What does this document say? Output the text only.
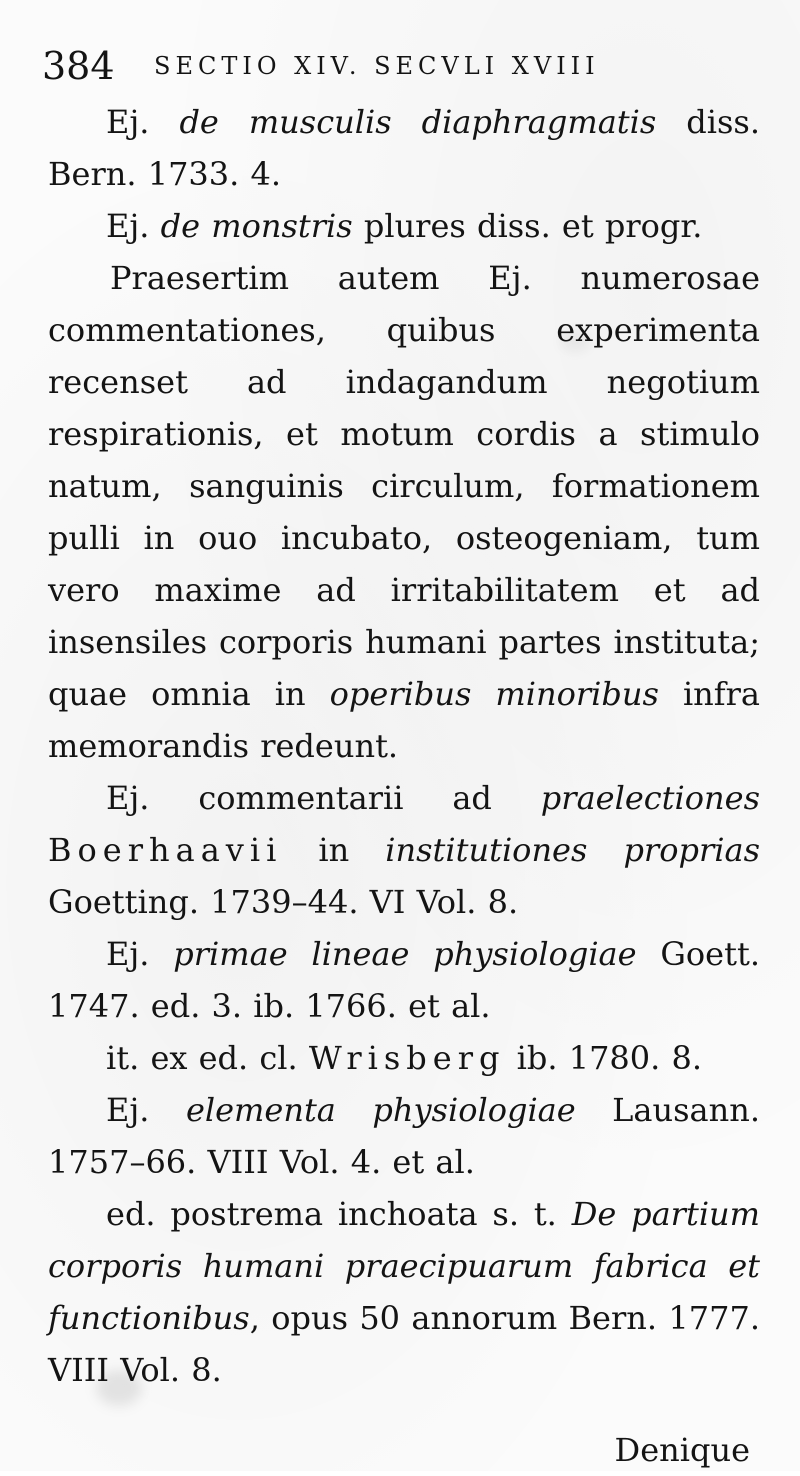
384 SECTIO XIV. SECVLI XVIII

Ej. de musculis diaphragmatis diss. Bern. 1733. 4.

Ej. de monstris plures diss. et progr.

Praesertim autem Ej. numerosae commentationes, quibus experimenta recenset ad indagandum negotium respirationis, et motum cordis a stimulo natum, sanguinis circulum, formationem pulli in ouo incubato, osteogeniam, tum vero maxime ad irritabilitatem et ad insensiles corporis humani partes instituta; quae omnia in operibus minoribus infra memorandis redeunt.

Ej. commentarii ad praelectiones Boerhaavii in institutiones proprias Goetting. 1739–44. VI Vol. 8.

Ej. primae lineae physiologiae Goett. 1747. ed. 3. ib. 1766. et al.

it. ex ed. cl. Wrisberg ib. 1780. 8.

Ej. elementa physiologiae Lausann. 1757–66. VIII Vol. 4. et al.

ed. postrema inchoata s. t. De partium corporis humani praecipuarum fabrica et functionibus, opus 50 annorum Bern. 1777. VIII Vol. 8.

Denique
